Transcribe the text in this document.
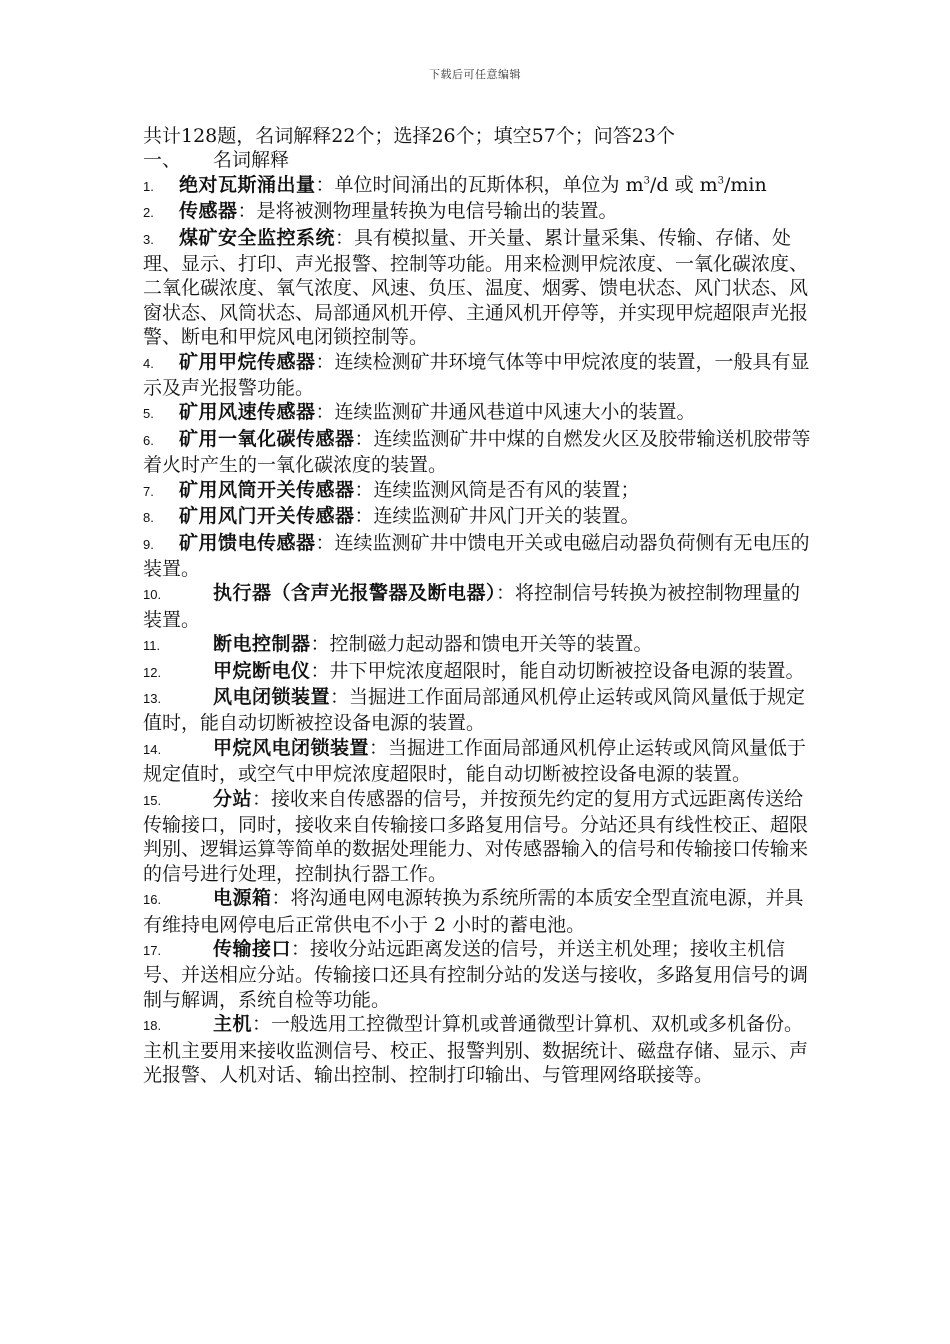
下载后可任意编辑

共计128题，名词解释22个；选择26个；填空57个；问答23个

一、 名词解释

1. 绝对瓦斯涌出量：单位时间涌出的瓦斯体积，单位为 $m^3/d$ 或 $m^3/\min$

2. 传感器：是将被测物理量转换为电信号输出的装置。

3. 煤矿安全监控系统：具有模拟量、开关量、累计量采集、传输、存储、处理、显示、打印、声光报警、控制等功能。用来检测甲烷浓度、一氧化碳浓度、二氧化碳浓度、氧气浓度、风速、负压、温度、烟雾、馈电状态、风门状态、风窗状态、风筒状态、局部通风机开停、主通风机开停等，并实现甲烷超限声光报警、断电和甲烷风电闭锁控制等。

4. 矿用甲烷传感器：连续检测矿井环境气体等中甲烷浓度的装置，一般具有显示及声光报警功能。

5. 矿用风速传感器：连续监测矿井通风巷道中风速大小的装置。

6. 矿用一氧化碳传感器：连续监测矿井中煤的自燃发火区及胶带输送机胶带等着火时产生的一氧化碳浓度的装置。

7. 矿用风筒开关传感器：连续监测风筒是否有风的装置；

8. 矿用风门开关传感器：连续监测矿井风门开关的装置。

9. 矿用馈电传感器：连续监测矿井中馈电开关或电磁启动器负荷侧有无电压的装置。

10.	执行器（含声光报警器及断电器）：将控制信号转换为被控制物理量的装置。

11.	断电控制器：控制磁力起动器和馈电开关等的装置。

12.	甲烷断电仪：井下甲烷浓度超限时，能自动切断被控设备电源的装置。

13.	风电闭锁装置：当掘进工作面局部通风机停止运转或风筒风量低于规定值时，能自动切断被控设备电源的装置。

14.	甲烷风电闭锁装置：当掘进工作面局部通风机停止运转或风筒风量低于规定值时，或空气中甲烷浓度超限时，能自动切断被控设备电源的装置。

15.	分站：接收来自传感器的信号，并按预先约定的复用方式远距离传送给传输接口，同时，接收来自传输接口多路复用信号。分站还具有线性校正、超限判别、逻辑运算等简单的数据处理能力、对传感器输入的信号和传输接口传输来的信号进行处理，控制执行器工作。

16.	电源箱：将沟通电网电源转换为系统所需的本质安全型直流电源，并具有维持电网停电后正常供电不小于 2 小时的蓄电池。

17.	传输接口：接收分站远距离发送的信号，并送主机处理；接收主机信号、并送相应分站。传输接口还具有控制分站的发送与接收，多路复用信号的调制与解调，系统自检等功能。

18.	主机：一般选用工控微型计算机或普通微型计算机、双机或多机备份。主机主要用来接收监测信号、校正、报警判别、数据统计、磁盘存储、显示、声光报警、人机对话、输出控制、控制打印输出、与管理网络联接等。
